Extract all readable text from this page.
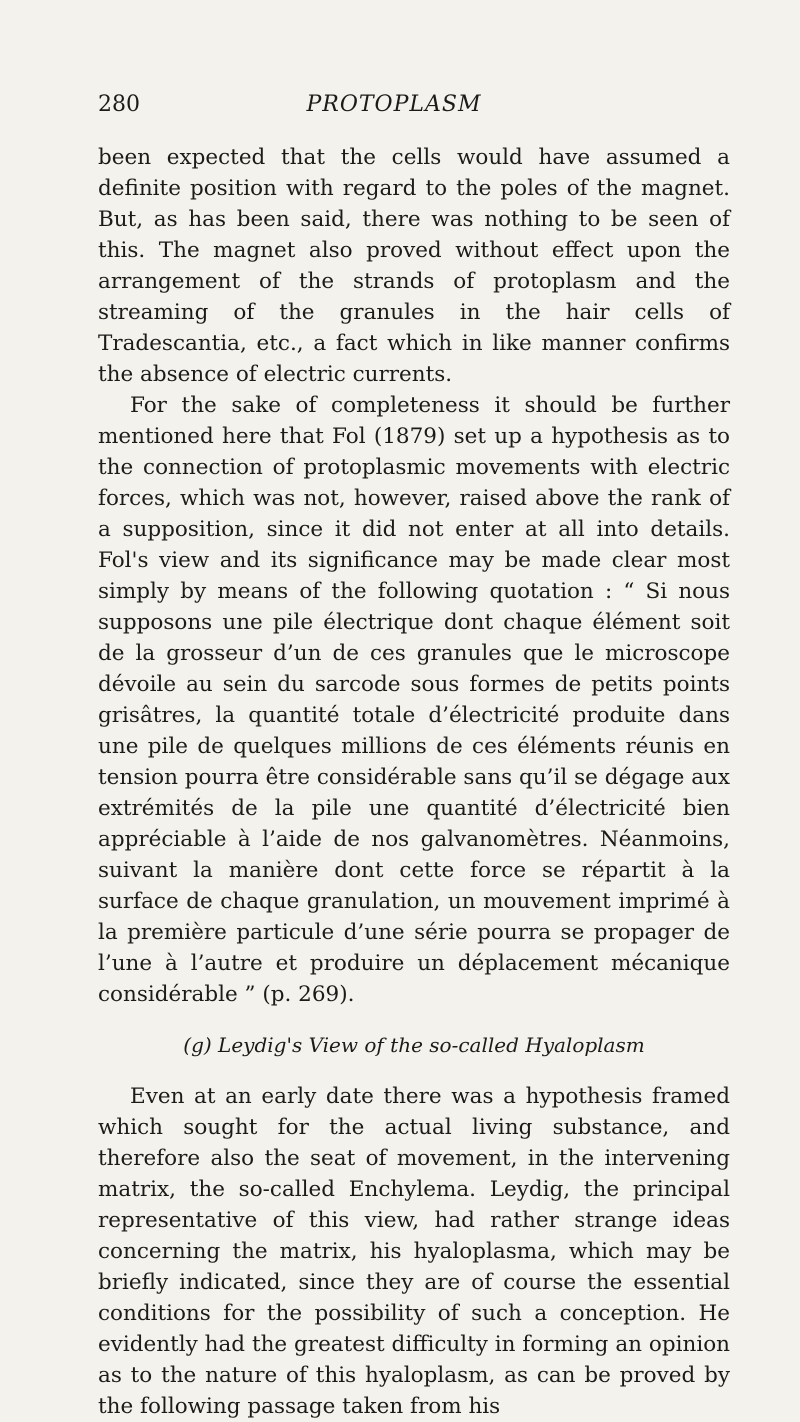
280	PROTOPLASM

been expected that the cells would have assumed a definite position with regard to the poles of the magnet. But, as has been said, there was nothing to be seen of this. The magnet also proved without effect upon the arrangement of the strands of protoplasm and the streaming of the granules in the hair cells of Tradescantia, etc., a fact which in like manner confirms the absence of electric currents.

For the sake of completeness it should be further mentioned here that Fol (1879) set up a hypothesis as to the connection of protoplasmic movements with electric forces, which was not, however, raised above the rank of a supposition, since it did not enter at all into details. Fol's view and its significance may be made clear most simply by means of the following quotation : “ Si nous supposons une pile électrique dont chaque élément soit de la grosseur d’un de ces granules que le microscope dévoile au sein du sarcode sous formes de petits points grisâtres, la quantité totale d’électricité produite dans une pile de quelques millions de ces éléments réunis en tension pourra être considérable sans qu’il se dégage aux extrémités de la pile une quantité d’électricité bien appréciable à l’aide de nos galvanomètres. Néanmoins, suivant la manière dont cette force se répartit à la surface de chaque granulation, un mouvement imprimé à la première particule d’une série pourra se propager de l’une à l’autre et produire un déplacement mécanique considérable ” (p. 269).

(g) Leydig's View of the so-called Hyaloplasm

Even at an early date there was a hypothesis framed which sought for the actual living substance, and therefore also the seat of movement, in the intervening matrix, the so-called Enchylema. Leydig, the principal representative of this view, had rather strange ideas concerning the matrix, his hyaloplasma, which may be briefly indicated, since they are of course the essential conditions for the possibility of such a conception. He evidently had the greatest difficulty in forming an opinion as to the nature of this hyaloplasm, as can be proved by the following passage taken from his
